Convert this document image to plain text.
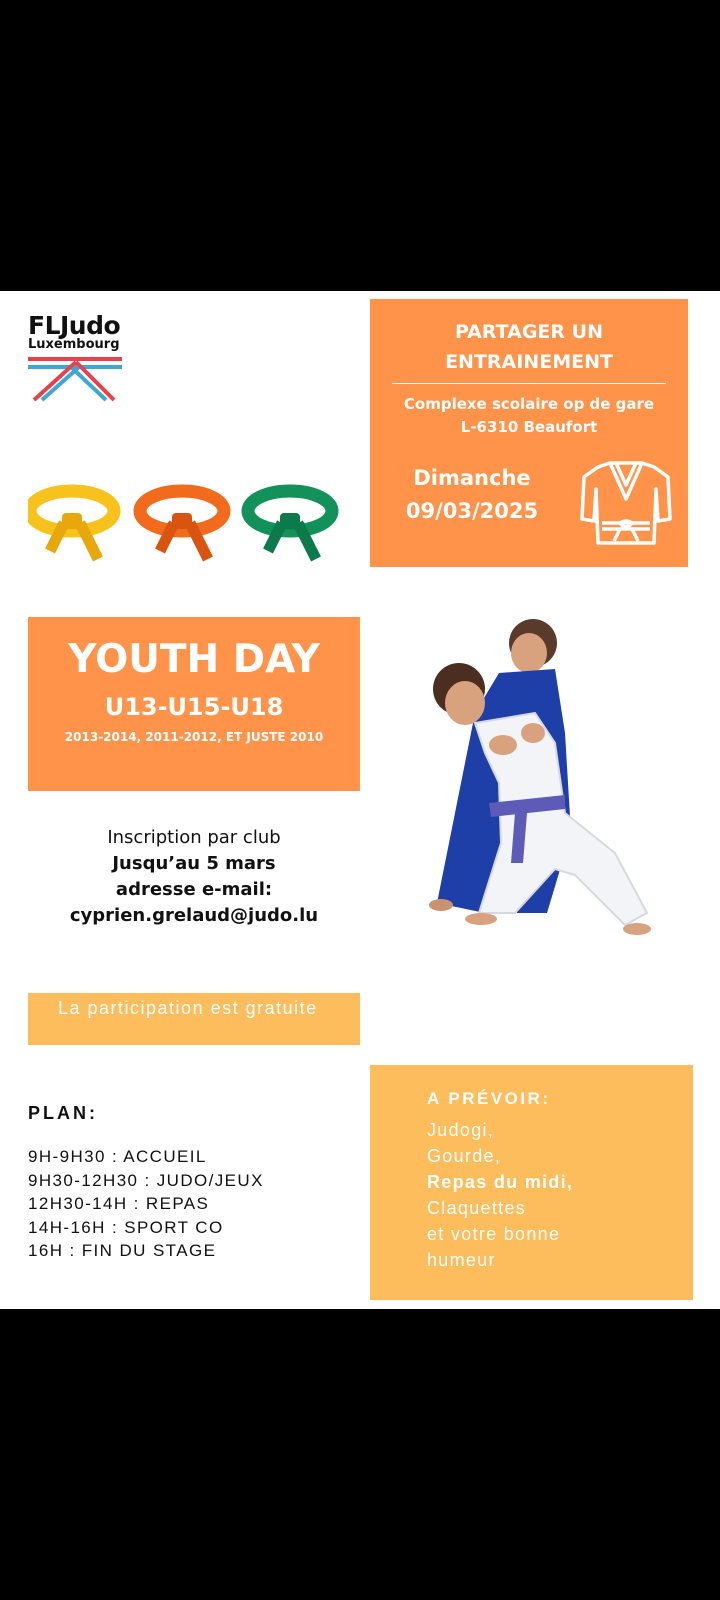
FLJudo
Luxembourg
PARTAGER UN
ENTRAINEMENT
Complexe scolaire op de gare
L-6310 Beaufort
Dimanche
09/03/2025
YOUTH DAY
U13-U15-U18
2013-2014, 2011-2012, ET JUSTE 2010
Inscription par club
Jusqu’au 5 mars
adresse e-mail:
cyprien.grelaud@judo.lu
La participation est gratuite
PLAN:
9H-9H30 : ACCUEIL
9H30-12H30 : JUDO/JEUX
12H30-14H : REPAS
14H-16H : SPORT CO
16H : FIN DU STAGE
A PRÉVOIR:
Judogi,
Gourde,
Repas du midi,
Claquettes
et votre bonne
humeur
